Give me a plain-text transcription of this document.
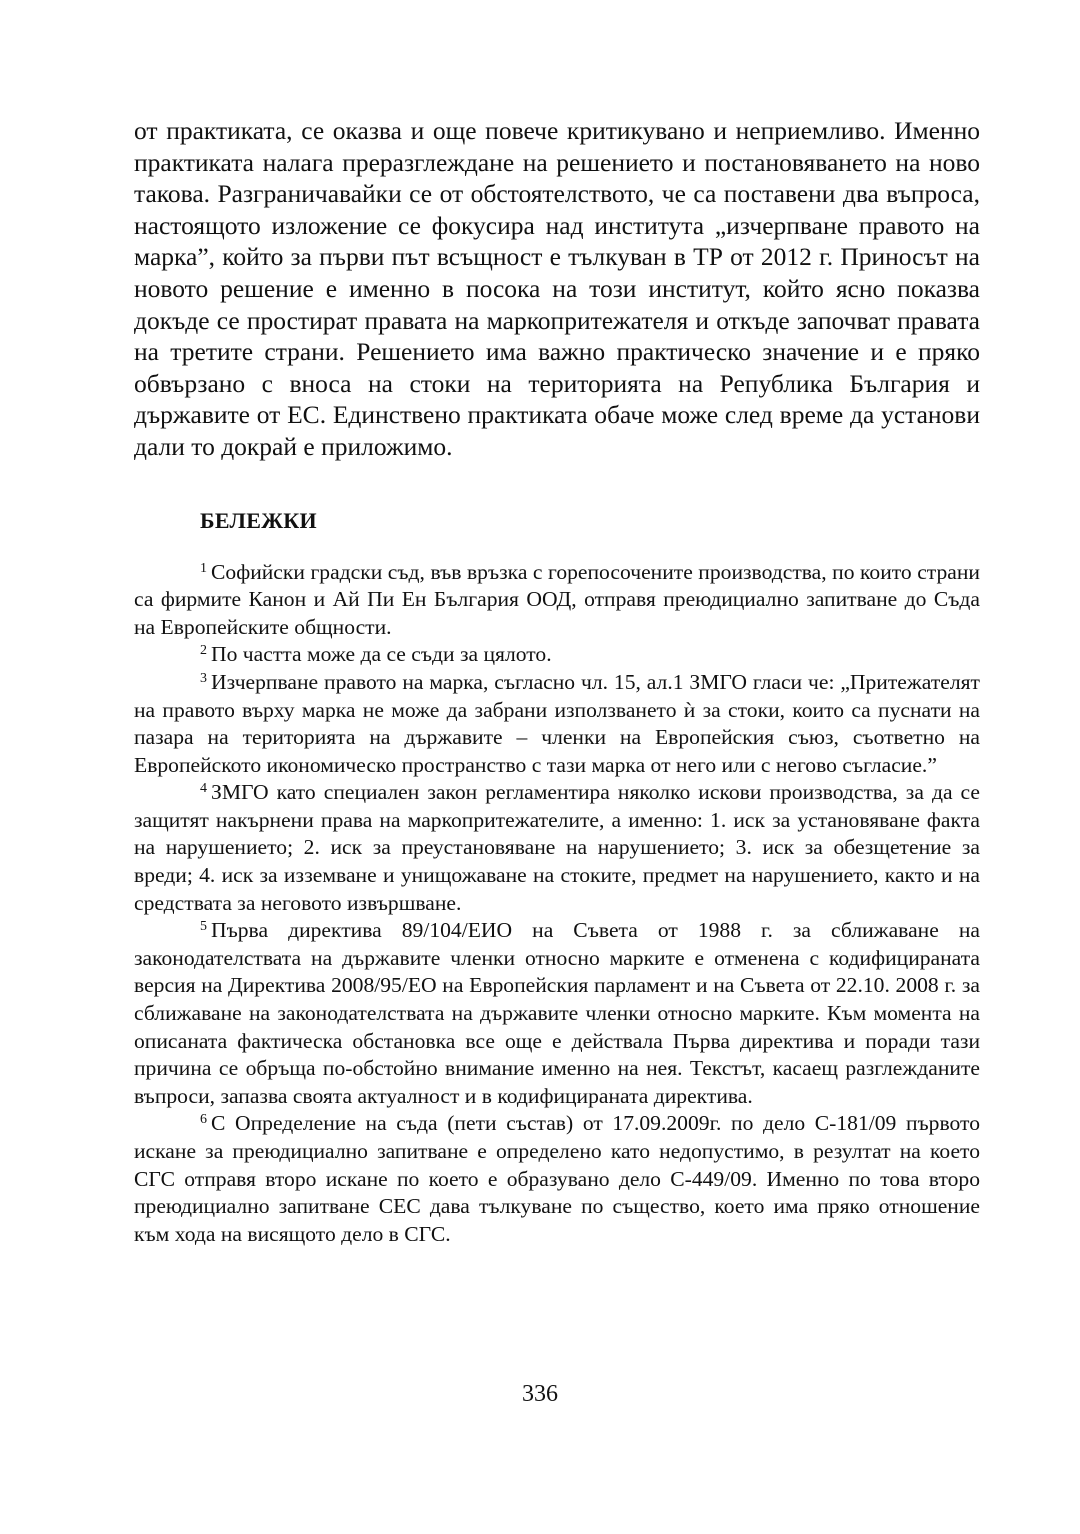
от практиката, се оказва и още повече критикувано и неприемливо. Именно практиката налага преразглеждане на решението и постановяването на ново такова. Разграничавайки се от обстоятелството, че са поставени два въпроса, настоящото изложение се фокусира над института „изчерпване правото на марка”, който за първи път всъщност е тълкуван в ТР от 2012 г. Приносът на новото решение е именно в посока на този институт, който ясно показва докъде се простират правата на маркопритежателя и откъде започват правата на третите страни. Решението има важно практическо значение и е пряко обвързано с вноса на стоки на територията на Република България и държавите от ЕС. Единствено практиката обаче може след време да установи дали то докрай е приложимо.

БЕЛЕЖКИ

$^1$ Софийски градски съд, във връзка с горепосочените производства, по които страни са фирмите Канон и Ай Пи Ен България ООД, отправя преюдициално запитване до Съда на Европейските общности.

$^2$ По частта може да се съди за цялото.

$^3$ Изчерпване правото на марка, съгласно чл. 15, ал.1 ЗМГО гласи че: „Притежателят на правото върху марка не може да забрани използването ѝ за стоки, които са пуснати на пазара на територията на държавите – членки на Европейския съюз, съответно на Европейското икономическо пространство с тази марка от него или с негово съгласие.”

$^4$ ЗМГО като специален закон регламентира няколко искови производства, за да се защитят накърнени права на маркопритежателите, а именно: 1. иск за установяване факта на нарушението; 2. иск за преустановяване на нарушението; 3. иск за обезщетение за вреди; 4. иск за изземване и унищожаване на стоките, предмет на нарушението, както и на средствата за неговото извършване.

$^5$ Първа директива 89/104/ЕИО на Съвета от 1988 г. за сближаване на законодателствата на държавите членки относно марките е отменена с кодифицираната версия на Директива 2008/95/ЕО на Европейския парламент и на Съвета от 22.10. 2008 г. за сближаване на законодателствата на държавите членки относно марките. Към момента на описаната фактическа обстановка все още е действала Първа директива и поради тази причина се обръща по-обстойно внимание именно на нея. Текстът, касаещ разглежданите въпроси, запазва своята актуалност и в кодифицираната директива.

$^6$ С Определение на съда (пети състав) от 17.09.2009г. по дело С-181/09 първото искане за преюдициално запитване е определено като недопустимо, в резултат на което СГС отправя второ искане по което е образувано дело С-449/09. Именно по това второ преюдициално запитване СЕС дава тълкуване по същество, което има пряко отношение към хода на висящото дело в СГС.

336
